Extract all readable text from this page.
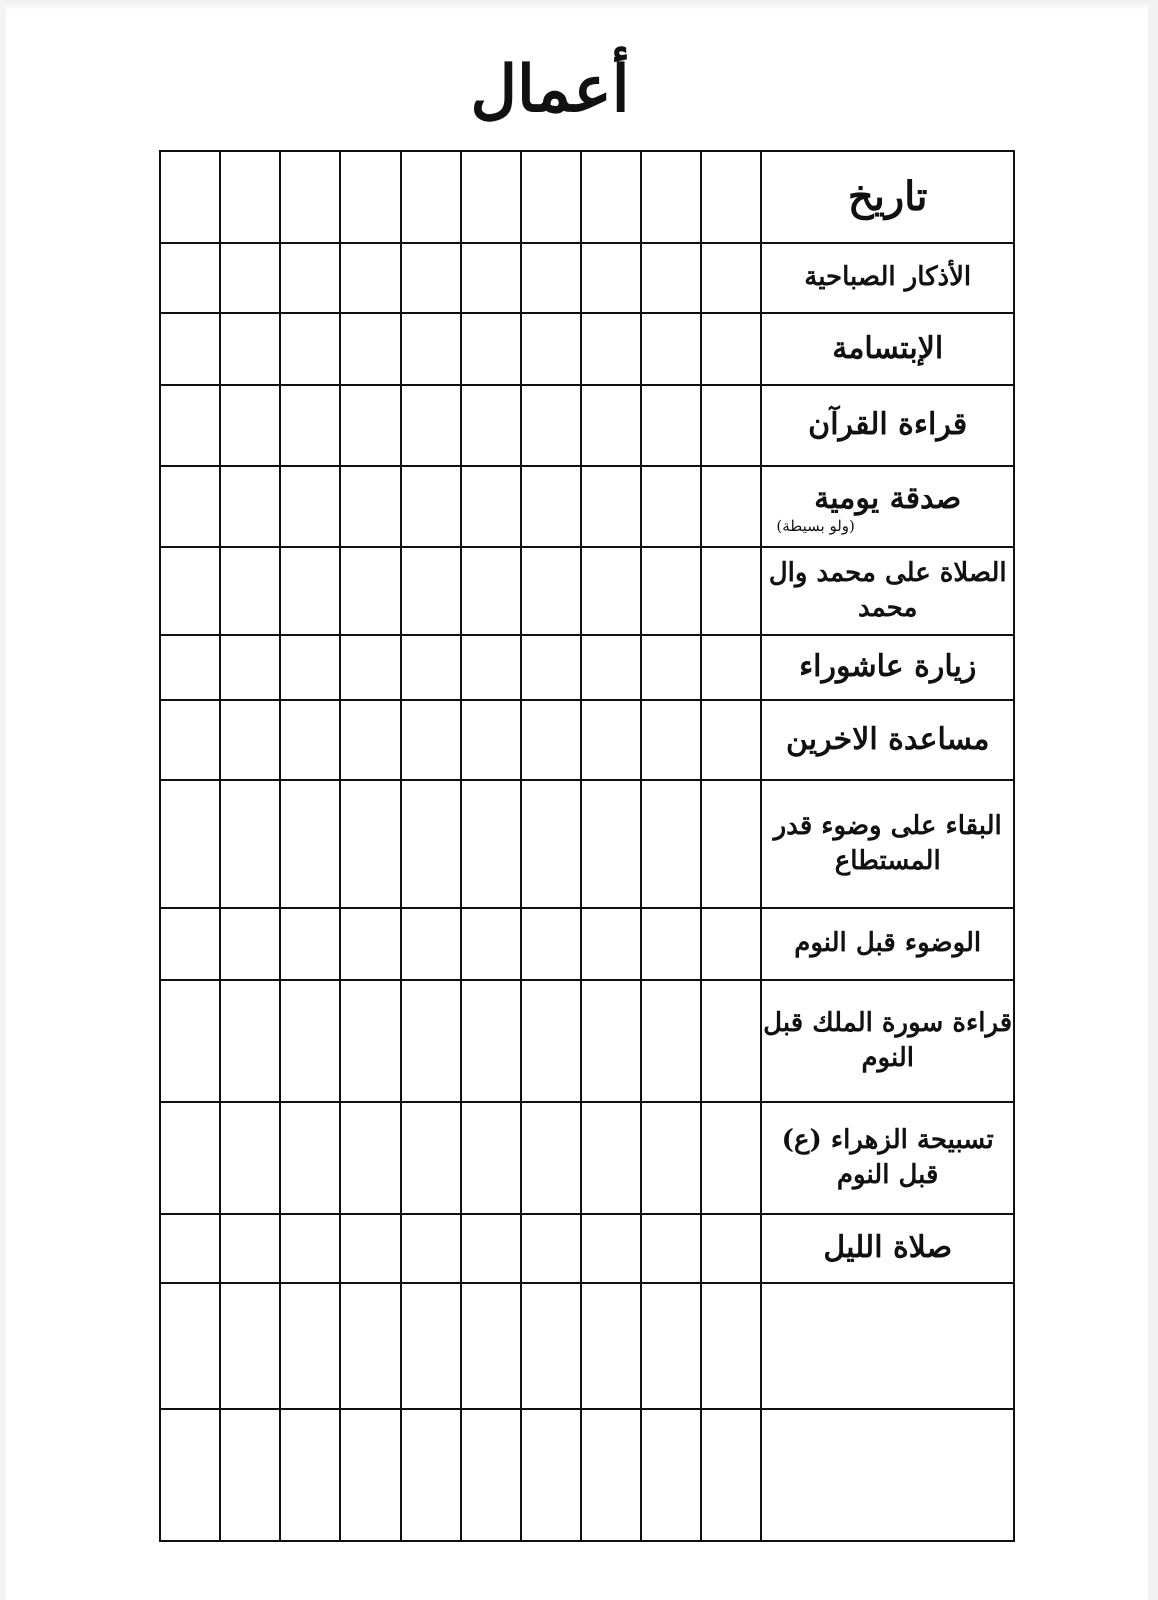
أعمال
										تاريخ
										الأذكار الصباحية
										الإبتسامة
										قراءة القرآن
										صدقة يومية
(ولو بسيطة)

										الصلاة على محمد وال محمد
										زيارة عاشوراء
										مساعدة الاخرين
										البقاء على وضوء قدر المستطاع
										الوضوء قبل النوم
										قراءة سورة الملك قبل النوم
										تسبيحة الزهراء (ع) قبل النوم
										صلاة الليل
